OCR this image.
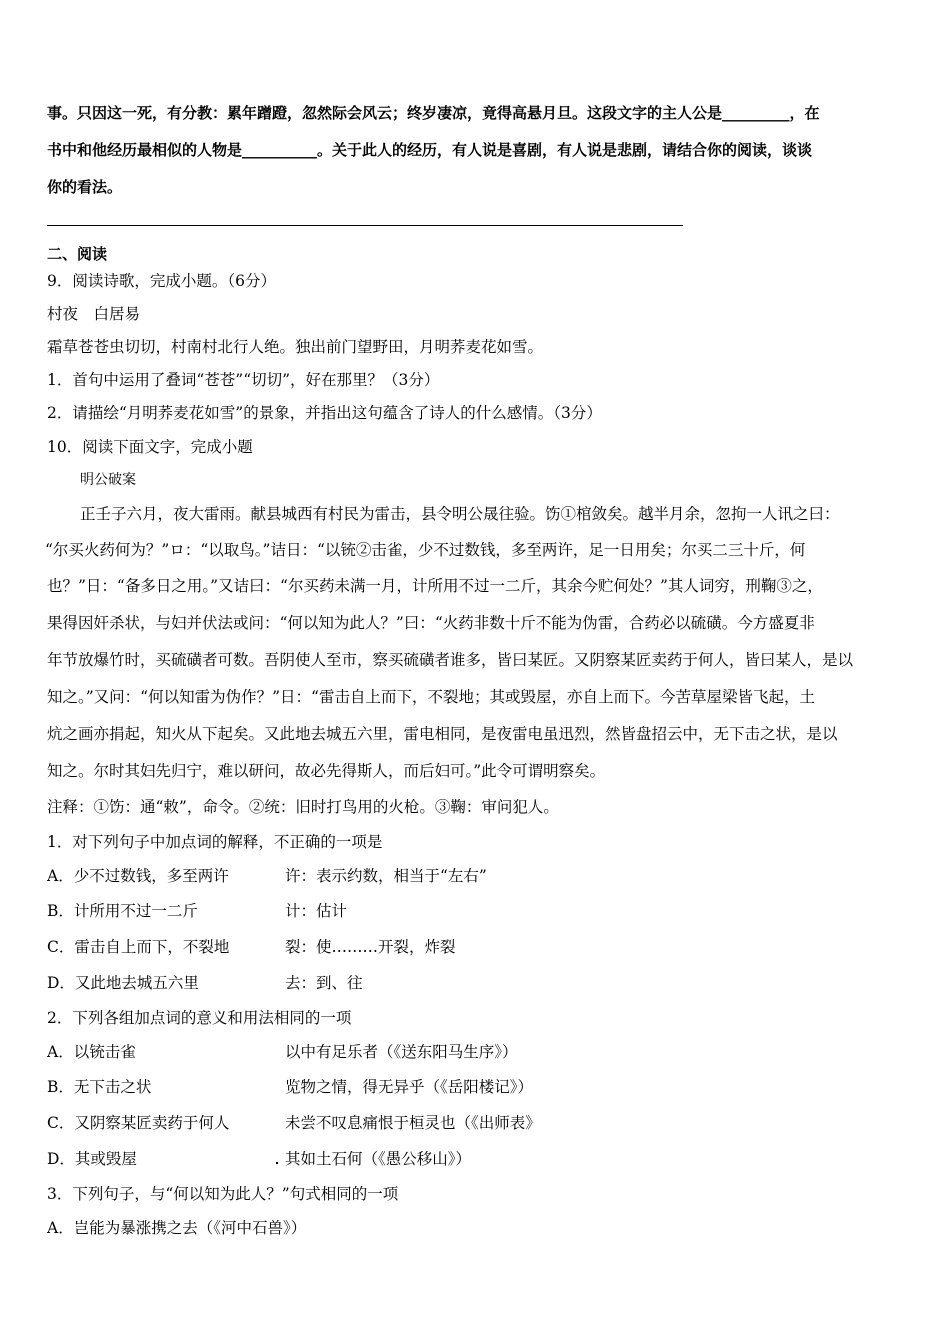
事。只因这一死，有分教：累年蹭蹬，忽然际会风云；终岁凄凉，竟得高悬月旦。这段文字的主人公是_________，在
书中和他经历最相似的人物是__________。关于此人的经历，有人说是喜剧，有人说是悲剧，请结合你的阅读，谈谈
你的看法。
二、阅读
9．阅读诗歌，完成小题。（6分）
村夜　白居易
霜草苍苍虫切切，村南村北行人绝。独出前门望野田，月明荞麦花如雪。
1．首句中运用了叠词“苍苍”“切切”，好在那里？（3分）
2．请描绘“月明荞麦花如雪”的景象，并指出这句蕴含了诗人的什么感情。（3分）
10．阅读下面文字，完成小题
明公破案
正壬子六月，夜大雷雨。献县城西有村民为雷击，县令明公晟往验。饬①棺敛矣。越半月余，忽拘一人讯之曰：
“尔买火药何为？”ロ：“以取鸟。”诘日：“以铳②击雀，少不过数钱，多至两许，足一日用矣；尔买二三十斤，何
也？”日：“备多日之用。”又诘曰：“尔买药未满一月，计所用不过一二斤，其余今贮何处？”其人词穷，刑鞠③之，
果得因奸杀状，与妇并伏法或问：“何以知为此人？”曰：“火药非数十斤不能为伪雷，合药必以硫磺。今方盛夏非
年节放爆竹时，买硫磺者可数。吾阴使人至市，察买硫磺者谁多，皆曰某匠。又阴察某匠卖药于何人，皆曰某人，是以
知之。”又问：“何以知雷为伪作？”日：“雷击自上而下，不裂地；其或毁屋，亦自上而下。今苦草屋梁皆飞起，土
炕之画亦捐起，知火从下起矣。又此地去城五六里，雷电相同，是夜雷电虽迅烈，然皆盘招云中，无下击之状，是以
知之。尔时其妇先归宁，难以研问，故必先得斯人，而后妇可。”此令可谓明察矣。
注释：①饬：通“敕”，命令。②统：旧时打鸟用的火枪。③鞠：审问犯人。
1．对下列句子中加点词的解释，不正确的一项是
A．少不过数钱，多至两许	许：表示约数，相当于“左右”
B．计所用不过一二斤	计：估计
C．雷击自上而下，不裂地	裂：使………开裂，炸裂
D．又此地去城五六里	去：到、往
2．下列各组加点词的意义和用法相同的一项
A．以铳击雀	以中有足乐者（《送东阳马生序》）
B．无下击之状	览物之情，得无异乎（《岳阳楼记》）
C．又阴察某匠卖药于何人	未尝不叹息痛恨于桓灵也（《出师表》
D．其或毁屋	其如土石何（《愚公移山》）
3．下列句子，与“何以知为此人？”句式相同的一项
A．岂能为暴涨携之去（《河中石兽》）
